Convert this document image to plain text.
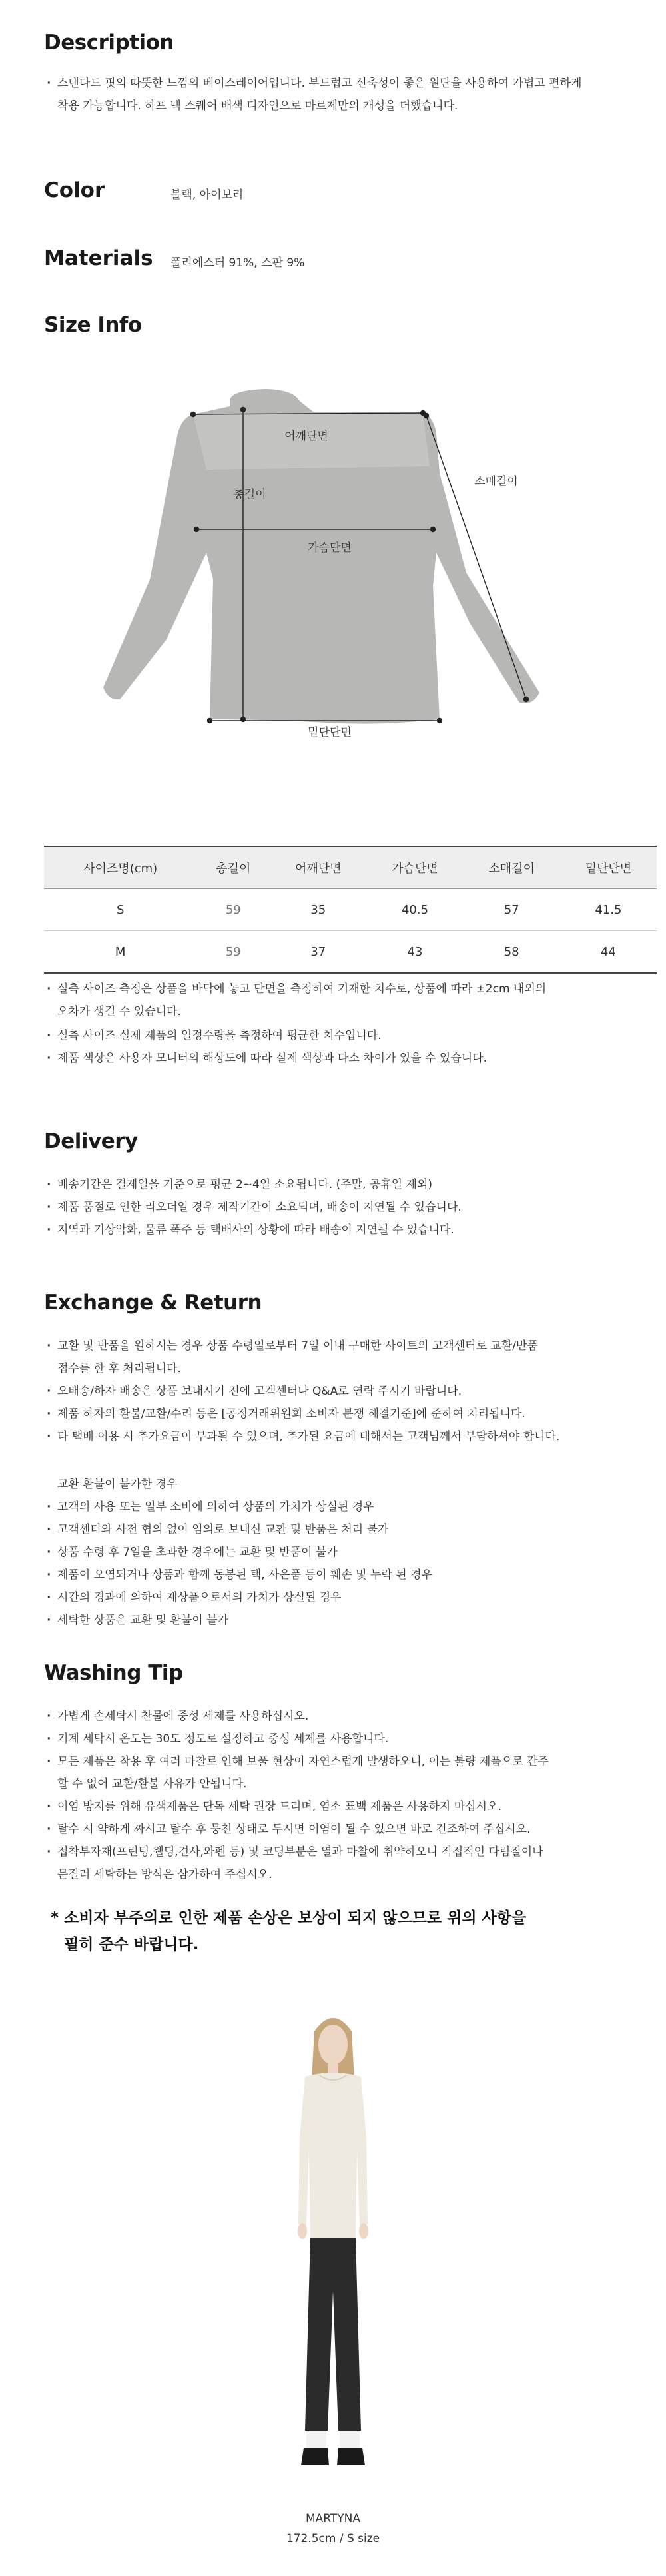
Description
· 스탠다드 핏의 따뜻한 느낌의 베이스레이어입니다. 부드럽고 신축성이 좋은 원단을 사용하여 가볍고 편하게
착용 가능합니다. 하프 넥 스퀘어 배색 디자인으로 마르제만의 개성을 더했습니다.
Color	블랙, 아이보리
Materials 폴리에스터 91%, 스판 9%
Size Info
어깨단면
총길이
가슴단면
소매길이
밑단단면
사이즈명(cm)	총길이	어깨단면	가슴단면	소매길이	밑단단면
S	59	35	40.5	57	41.5
M	59	37	43	58	44
· 실측 사이즈 측정은 상품을 바닥에 놓고 단면을 측정하여 기재한 치수로, 상품에 따라 ±2cm 내외의
오차가 생길 수 있습니다.
· 실측 사이즈 실제 제품의 일정수량을 측정하여 평균한 치수입니다.
· 제품 색상은 사용자 모니터의 해상도에 따라 실제 색상과 다소 차이가 있을 수 있습니다.
Delivery
· 배송기간은 결제일을 기준으로 평균 2~4일 소요됩니다. (주말, 공휴일 제외)
· 제품 품절로 인한 리오더일 경우 제작기간이 소요되며, 배송이 지연될 수 있습니다.
· 지역과 기상악화, 물류 폭주 등 택배사의 상황에 따라 배송이 지연될 수 있습니다.
Exchange & Return
· 교환 및 반품을 원하시는 경우 상품 수령일로부터 7일 이내 구매한 사이트의 고객센터로 교환/반품
접수를 한 후 처리됩니다.
· 오배송/하자 배송은 상품 보내시기 전에 고객센터나 Q&A로 연락 주시기 바랍니다.
· 제품 하자의 환불/교환/수리 등은 [공정거래위원회 소비자 분쟁 해결기준]에 준하여 처리됩니다.
· 타 택배 이용 시 추가요금이 부과될 수 있으며, 추가된 요금에 대해서는 고객님께서 부담하셔야 합니다.
교환 환불이 불가한 경우
· 고객의 사용 또는 일부 소비에 의하여 상품의 가치가 상실된 경우
· 고객센터와 사전 협의 없이 임의로 보내신 교환 및 반품은 처리 불가
· 상품 수령 후 7일을 초과한 경우에는 교환 및 반품이 불가
· 제품이 오염되거나 상품과 함께 동봉된 택, 사은품 등이 훼손 및 누락 된 경우
· 시간의 경과에 의하여 재상품으로서의 가치가 상실된 경우
· 세탁한 상품은 교환 및 환불이 불가
Washing Tip
· 가볍게 손세탁시 찬물에 중성 세제를 사용하십시오.
· 기계 세탁시 온도는 30도 정도로 설정하고 중성 세제를 사용합니다.
· 모든 제품은 착용 후 여러 마찰로 인해 보풀 현상이 자연스럽게 발생하오니, 이는 불량 제품으로 간주
할 수 없어 교환/환불 사유가 안됩니다.
· 이염 방지를 위해 유색제품은 단독 세탁 권장 드리며, 염소 표백 제품은 사용하지 마십시오.
· 탈수 시 약하게 짜시고 탈수 후 뭉친 상태로 두시면 이염이 될 수 있으면 바로 건조하여 주십시오.
· 접착부자재(프린팅,웰딩,견사,와펜 등) 및 코딩부분은 열과 마찰에 취약하오니 직접적인 다림질이나
문질러 세탁하는 방식은 삼가하여 주십시오.
* 소비자 부주의로 인한 제품 손상은 보상이 되지 않으므로 위의 사항을
필히 준수 바랍니다.
MARTYNA
172.5cm / S size
